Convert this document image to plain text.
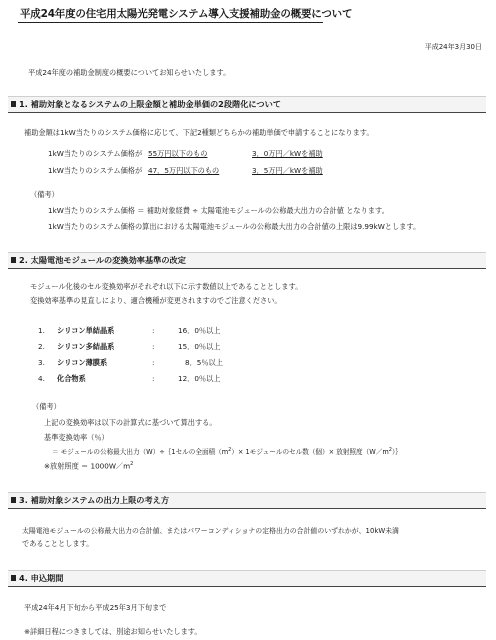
平成24年度の住宅用太陽光発電システム導入支援補助金の概要について
平成24年3月30日
平成24年度の補助金制度の概要についてお知らせいたします。
1. 補助対象となるシステムの上限金額と補助金単価の2段階化について
補助金額は1kW当たりのシステム価格に応じて、下記2種類どちらかの補助単価で申請することになります。
1kW当たりのシステム価格が 55万円以下のもの	3．0万円／kWを補助
1kW当たりのシステム価格が 47．5万円以下のもの	3．5万円／kWを補助
（備考）
1kW当たりのシステム価格 ＝ 補助対象経費 ÷ 太陽電池モジュールの公称最大出力の合計値 となります。
1kW当たりのシステム価格の算出における太陽電池モジュールの公称最大出力の合計値の上限は9.99kWとします。
2. 太陽電池モジュールの変換効率基準の改定
モジュール化後のセル変換効率がそれぞれ以下に示す数値以上であることとします。
変換効率基準の見直しにより、適合機種が変更されますのでご注意ください。
1. シリコン単結晶系	:	16．0％以上
2. シリコン多結晶系	:	15．0％以上
3. シリコン薄膜系	:	8．5％以上
4. 化合物系	:	12．0％以上
（備考）
上記の変換効率は以下の計算式に基づいて算出する。
基準変換効率（％）
＝ モジュールの公称最大出力（W）÷｛1セルの全面積$(m^2)\times 1$モジュールのセル数（個）× 放射照度$(W/m^2)\}$
※放射照度 ＝ $1000W/m^2$
3. 補助対象システムの出力上限の考え方
太陽電池モジュールの公称最大出力の合計値、またはパワーコンディショナの定格出力の合計値のいずれかが、10kW未満
であることとします。
4. 申込期間
平成24年4月下旬から平成25年3月下旬まで
※詳細日程につきましては、別途お知らせいたします。
